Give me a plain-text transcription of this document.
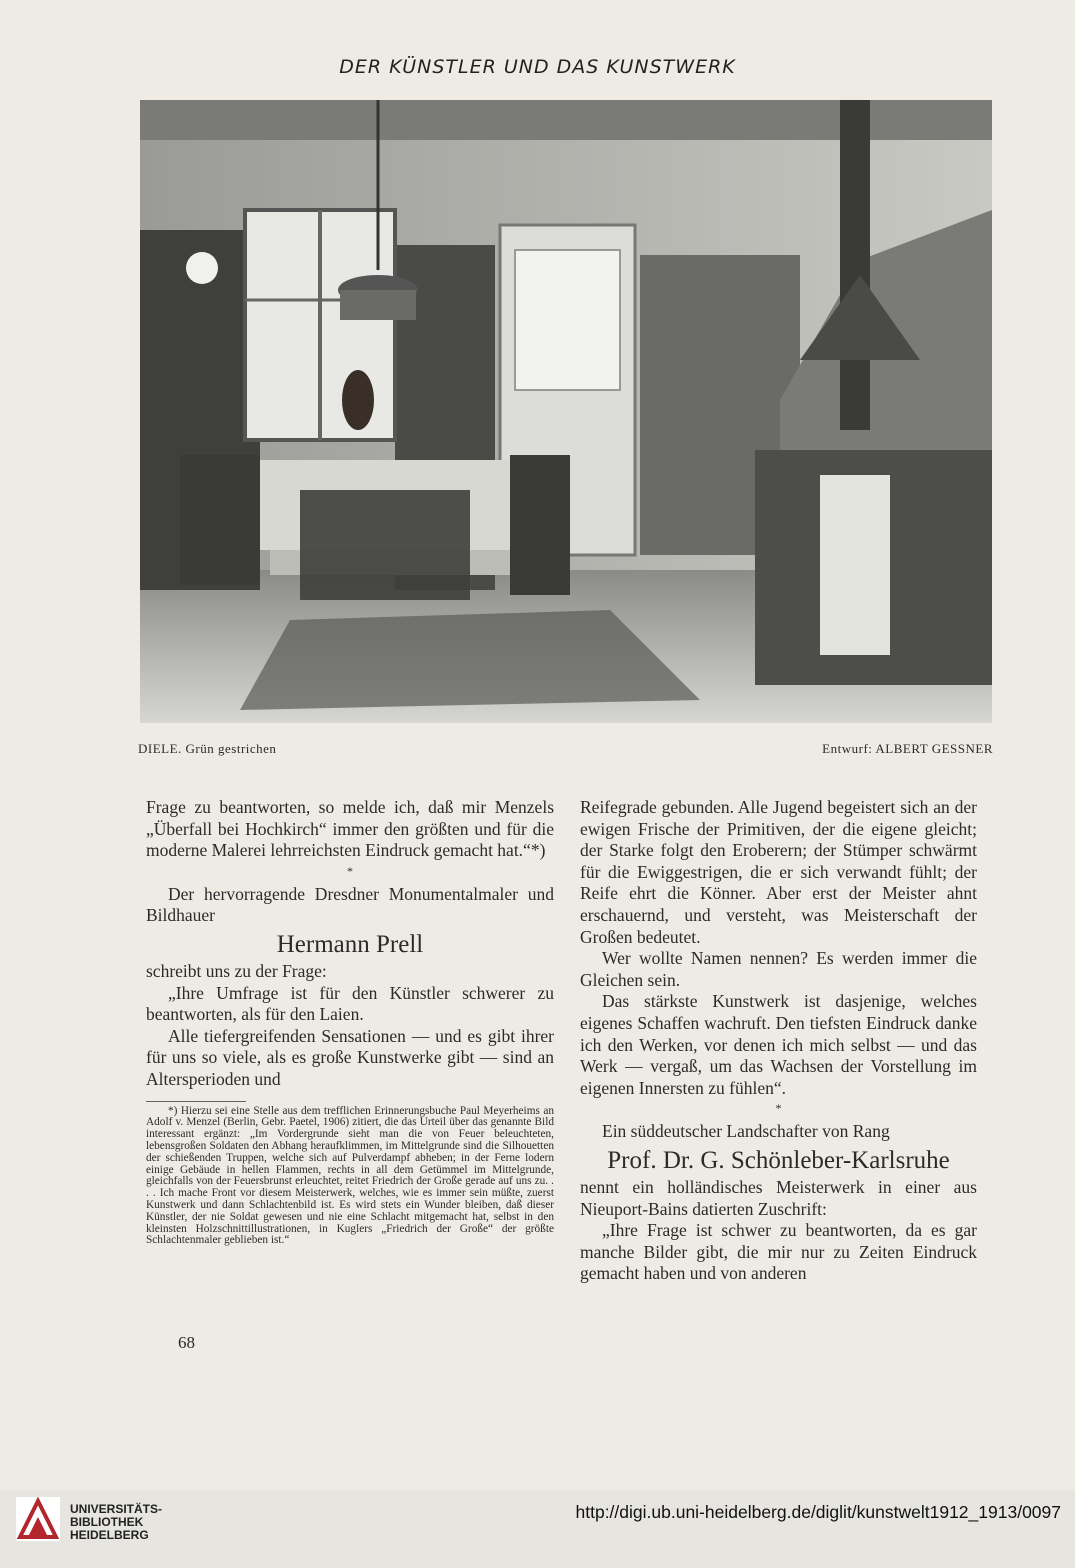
DER KÜNSTLER UND DAS KUNSTWERK
DIELE. Grün gestrichen	Entwurf: ALBERT GESSNER

Frage zu beantworten, so melde ich, daß mir Menzels „Überfall bei Hochkirch“ immer den größten und für die moderne Malerei lehrreichsten Eindruck gemacht hat.“*)

*

Der hervorragende Dresdner Monumentalmaler und Bildhauer

Hermann Prell

schreibt uns zu der Frage:

„Ihre Umfrage ist für den Künstler schwerer zu beantworten, als für den Laien.

Alle tiefergreifenden Sensationen — und es gibt ihrer für uns so viele, als es große Kunstwerke gibt — sind an Altersperioden und

*) Hierzu sei eine Stelle aus dem trefflichen Erinnerungsbuche Paul Meyerheims an Adolf v. Menzel (Berlin, Gebr. Paetel, 1906) zitiert, die das Urteil über das genannte Bild interessant ergänzt: „Im Vordergrunde sieht man die von Feuer beleuchteten, lebensgroßen Soldaten den Abhang heraufklimmen, im Mittelgrunde sind die Silhouetten der schießenden Truppen, welche sich auf Pulverdampf abheben; in der Ferne lodern einige Gebäude in hellen Flammen, rechts in all dem Getümmel im Mittelgrunde, gleichfalls von der Feuersbrunst erleuchtet, reitet Friedrich der Große gerade auf uns zu. . . . Ich mache Front vor diesem Meisterwerk, welches, wie es immer sein müßte, zuerst Kunstwerk und dann Schlachtenbild ist. Es wird stets ein Wunder bleiben, daß dieser Künstler, der nie Soldat gewesen und nie eine Schlacht mitgemacht hat, selbst in den kleinsten Holzschnittillustrationen, in Kuglers „Friedrich der Große“ der größte Schlachtenmaler geblieben ist.“

Reifegrade gebunden. Alle Jugend begeistert sich an der ewigen Frische der Primitiven, der die eigene gleicht; der Starke folgt den Eroberern; der Stümper schwärmt für die Ewiggestrigen, die er sich verwandt fühlt; der Reife ehrt die Könner. Aber erst der Meister ahnt erschauernd, und versteht, was Meisterschaft der Großen bedeutet.

Wer wollte Namen nennen? Es werden immer die Gleichen sein.

Das stärkste Kunstwerk ist dasjenige, welches eigenes Schaffen wachruft. Den tiefsten Eindruck danke ich den Werken, vor denen ich mich selbst — und das Werk — vergaß, um das Wachsen der Vorstellung im eigenen Innersten zu fühlen“.

*

Ein süddeutscher Landschafter von Rang

Prof. Dr. G. Schönleber-Karlsruhe

nennt ein holländisches Meisterwerk in einer aus Nieuport-Bains datierten Zuschrift:

„Ihre Frage ist schwer zu beantworten, da es gar manche Bilder gibt, die mir nur zu Zeiten Eindruck gemacht haben und von anderen

68
UNIVERSITÄTS-
BIBLIOTHEK
HEIDELBERG
http://digi.ub.uni-heidelberg.de/diglit/kunstwelt1912_1913/0097
